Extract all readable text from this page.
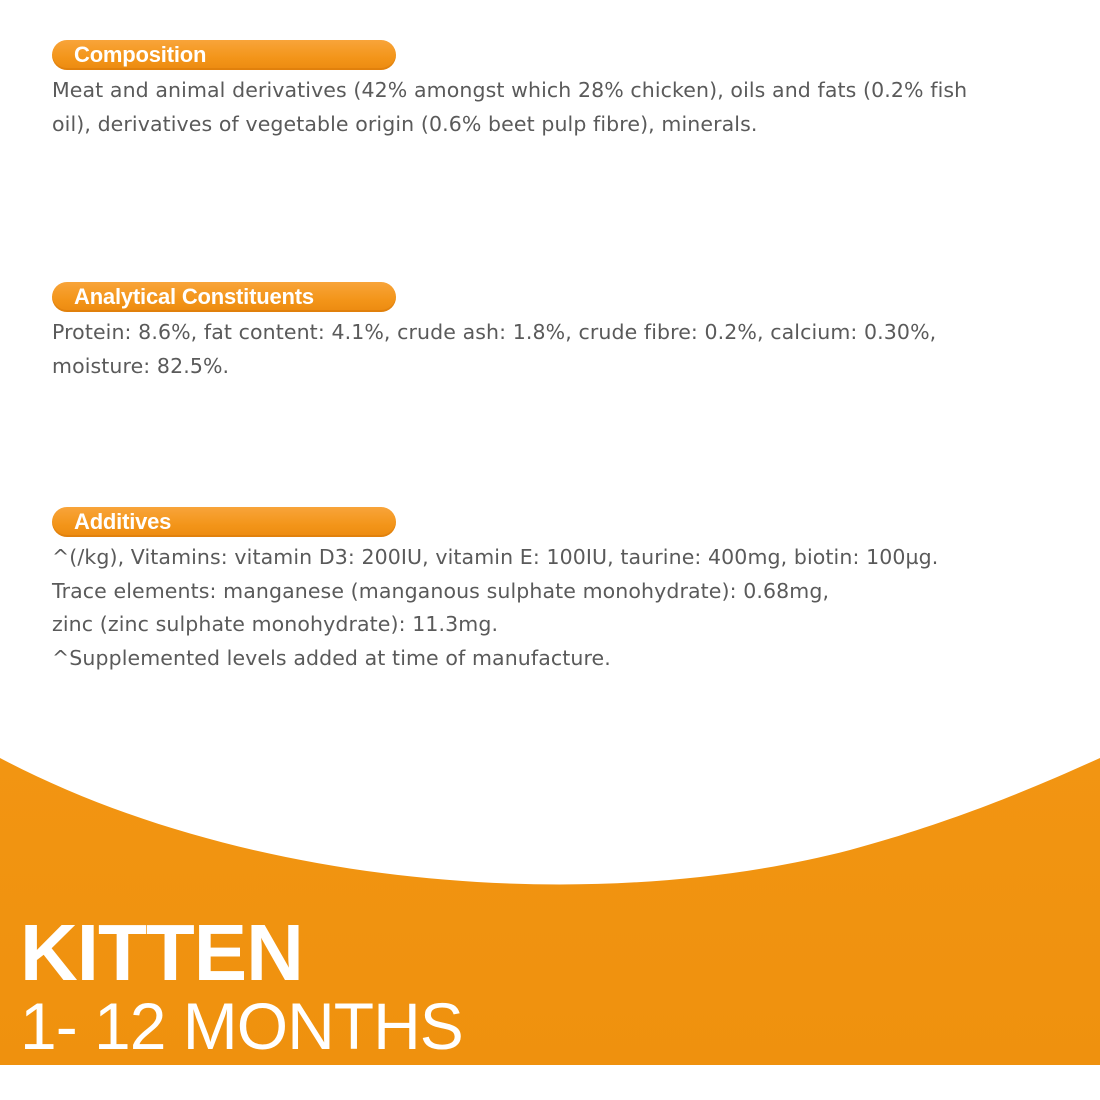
Composition
Meat and animal derivatives (42% amongst which 28% chicken), oils and fats (0.2% fish
oil), derivatives of vegetable origin (0.6% beet pulp fibre), minerals.
Analytical Constituents
Protein: 8.6%, fat content: 4.1%, crude ash: 1.8%, crude fibre: 0.2%, calcium: 0.30%,
moisture: 82.5%.
Additives
^(/kg), Vitamins: vitamin D3: 200IU, vitamin E: 100IU, taurine: 400mg, biotin: 100µg.
Trace elements: manganese (manganous sulphate monohydrate): 0.68mg,
zinc (zinc sulphate monohydrate): 11.3mg.
^Supplemented levels added at time of manufacture.
KITTEN
1- 12 MONTHS
